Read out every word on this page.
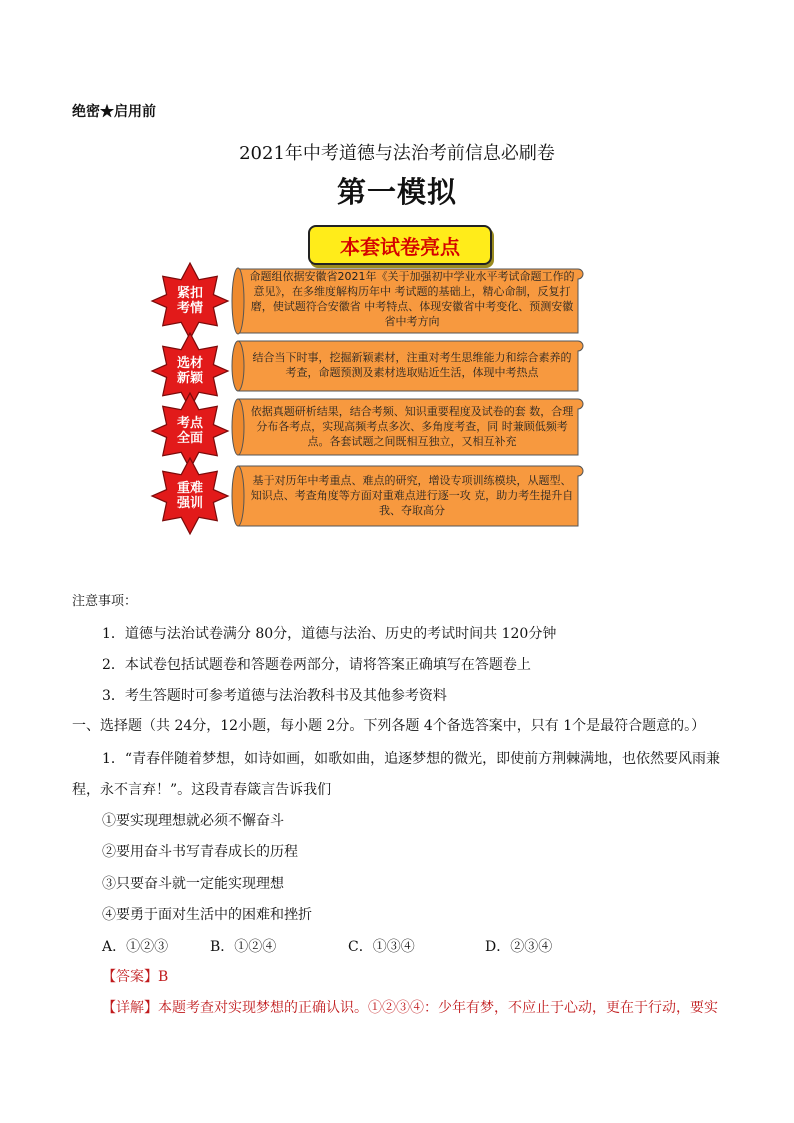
绝密★启用前
2021年中考道德与法治考前信息必刷卷
第一模拟
本套试卷亮点
紧扣
考情
命题组依据安徽省2021年《关于加强初中学业水平考试命题工作的意见》，在多维度解构历年中 考试题的基础上，精心命制，反复打磨，使试题符合安徽省 中考特点、体现安徽省中考变化、预测安徽省中考方向
选材
新颖
结合当下时事，挖掘新颖素材，注重对考生思维能力和综合素养的考查，命题预测及素材选取贴近生活，体现中考热点
考点
全面
依据真题研析结果，结合考频、知识重要程度及试卷的套 数，合理分布各考点，实现高频考点多次、多角度考查，同 时兼顾低频考点。各套试题之间既相互独立，又相互补充
重难
强训
基于对历年中考重点、难点的研究，增设专项训练模块，从题型、知识点、考查角度等方面对重难点进行逐一攻 克，助力考生提升自我、夺取高分
注意事项：
1．道德与法治试卷满分 80分，道德与法治、历史的考试时间共 120分钟
2．本试卷包括试题卷和答题卷两部分，请将答案正确填写在答题卷上
3．考生答题时可参考道德与法治教科书及其他参考资料
一、选择题（共 24分，12小题，每小题 2分。下列各题 4个备选答案中，只有 1个是最符合题意的。）
1．“青春伴随着梦想，如诗如画，如歌如曲，追逐梦想的微光，即使前方荆棘满地，也依然要风雨兼
程，永不言弃！”。这段青春箴言告诉我们
①要实现理想就必须不懈奋斗
②要用奋斗书写青春成长的历程
③只要奋斗就一定能实现理想
④要勇于面对生活中的困难和挫折
A．①②③	B．①②④	C．①③④	D．②③④
【答案】B
【详解】本题考查对实现梦想的正确认识。①②③④：少年有梦，不应止于心动，更在于行动，要实
